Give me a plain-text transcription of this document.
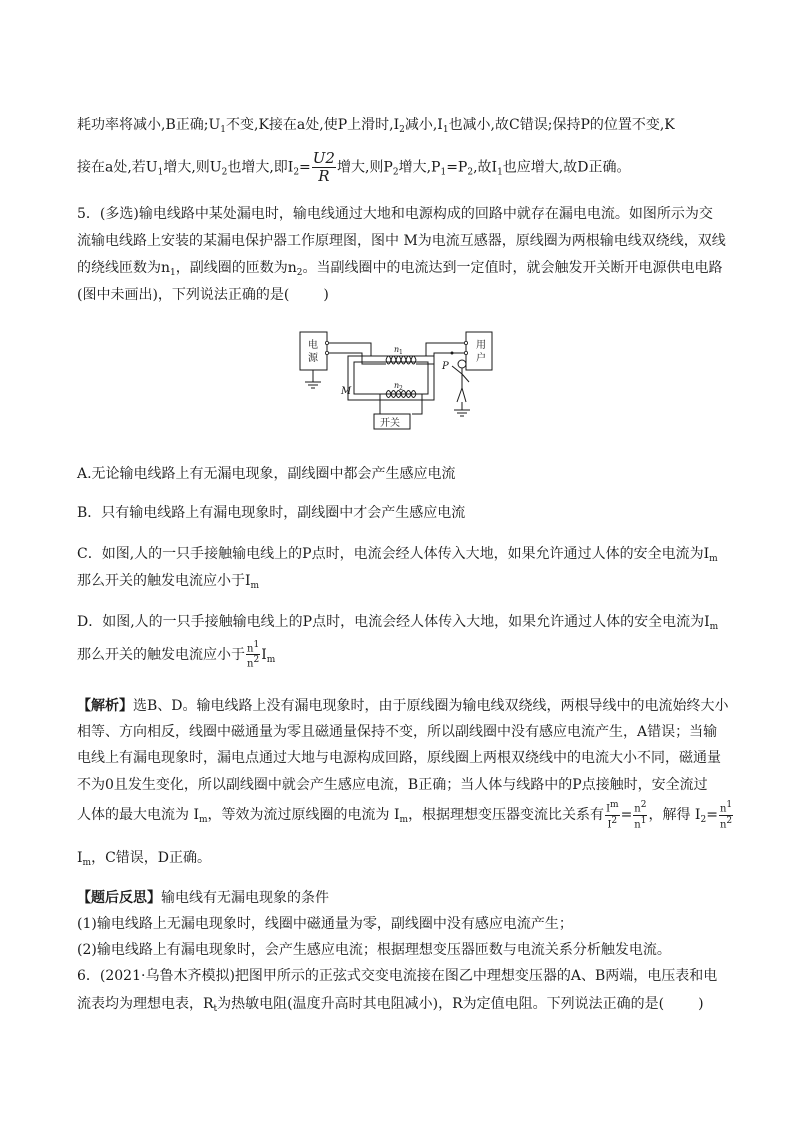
耗功率将减小,B正确$;U_1$不变,K接在a处,使P上滑时$,I_2$减小$,I_1$也减小,故C错误;保持P的位置不变,K
接在a处,若$U_1$增大,则$U_2$也增大,即$I_2= \frac{U2}{R}$ 增大,则$P_2$增大$,P_1=P_2$,故$I_1$也应增大,故D正确。
5．(多选)输电线路中某处漏电时，输电线通过大地和电源构成的回路中就存在漏电电流。如图所示为交
流输电线路上安装的某漏电保护器工作原理图，图中 M为电流互感器，原线圈为两根输电线双绕线，双线
的绕线匝数为$n_1$，副线圈的匝数为$n_2$。当副线圈中的电流达到一定值时，就会触发开关断开电源供电电路
(图中未画出)，下列说法正确的是( )
电
源
用
户
n 1
n 2
P
M
开关
A.无论输电线路上有无漏电现象，副线圈中都会产生感应电流
B．只有输电线路上有漏电现象时，副线圈中才会产生感应电流
C．如图,人的一只手接触输电线上的P点时，电流会经人体传入大地，如果允许通过人体的安全电流为$I_m$
那么开关的触发电流应小于$I_m$
D．如图,人的一只手接触输电线上的P点时，电流会经人体传入大地，如果允许通过人体的安全电流为$I_m$
那么开关的触发电流应小于 $\frac{n^1}{n^2} I_m$
【解析】选B、D。输电线路上没有漏电现象时，由于原线圈为输电线双绕线，两根导线中的电流始终大小
相等、方向相反，线圈中磁通量为零且磁通量保持不变，所以副线圈中没有感应电流产生，A错误；当输
电线上有漏电现象时，漏电点通过大地与电源构成回路，原线圈上两根双绕线中的电流大小不同，磁通量
不为0且发生变化，所以副线圈中就会产生感应电流，B正确；当人体与线路中的P点接触时，安全流过
人体的最大电流为 $I_m$，等效为流过原线圈的电流为 $I_m$，根据理想变压器变流比关系有 $\frac{I^m}{I^2} = \frac{n^2}{n^1}$ ，解得 $I_2= \frac{n^1}{n^2}$
$I_m$，C错误，D正确。
【题后反思】输电线有无漏电现象的条件
(1)输电线路上无漏电现象时，线圈中磁通量为零，副线圈中没有感应电流产生；
(2)输电线路上有漏电现象时，会产生感应电流；根据理想变压器匝数与电流关系分析触发电流。
6．(2021·乌鲁木齐模拟)把图甲所示的正弦式交变电流接在图乙中理想变压器的A、B两端，电压表和电
流表均为理想电表，$R_t$为热敏电阻(温度升高时其电阻减小)，R为定值电阻。下列说法正确的是( )
